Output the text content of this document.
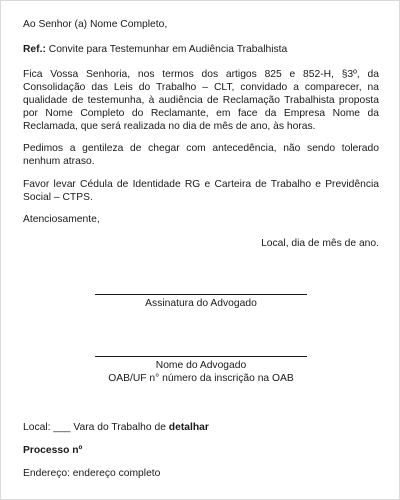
Ao Senhor (a) Nome Completo,

Ref.: Convite para Testemunhar em Audiência Trabalhista

Fica Vossa Senhoria, nos termos dos artigos 825 e 852-H, §3º, da Consolidação das Leis do Trabalho – CLT, convidado a comparecer, na qualidade de testemunha, à audiência de Reclamação Trabalhista proposta por Nome Completo do Reclamante, em face da Empresa Nome da Reclamada, que será realizada no dia de mês de ano, às horas.

Pedimos a gentileza de chegar com antecedência, não sendo tolerado nenhum atraso.

Favor levar Cédula de Identidade RG e Carteira de Trabalho e Previdência Social – CTPS.

Atenciosamente,

Local, dia de mês de ano.

Assinatura do Advogado

Nome do Advogado

OAB/UF n° número da inscrição na OAB

Local: ___ Vara do Trabalho de detalhar

Processo nº

Endereço: endereço completo
